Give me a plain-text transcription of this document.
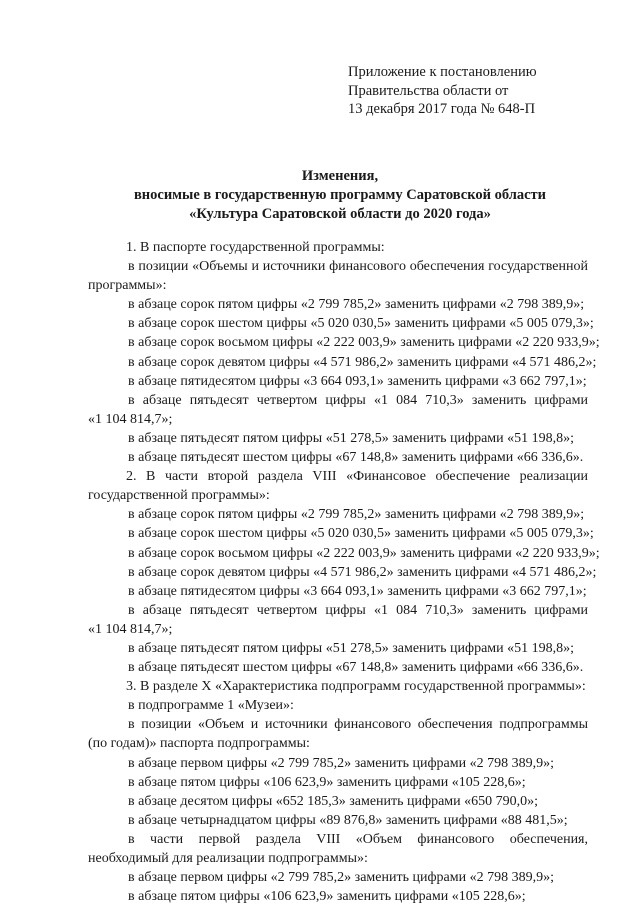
Приложение к постановлению
Правительства области от
13 декабря 2017 года № 648-П
Изменения,
вносимые в государственную программу Саратовской области
«Культура Саратовской области до 2020 года»
1. В паспорте государственной программы:
в позиции «Объемы и источники финансового обеспечения государственной
программы»:
в абзаце сорок пятом цифры «2 799 785,2» заменить цифрами «2 798 389,9»;
в абзаце сорок шестом цифры «5 020 030,5» заменить цифрами «5 005 079,3»;
в абзаце сорок восьмом цифры «2 222 003,9» заменить цифрами «2 220 933,9»;
в абзаце сорок девятом цифры «4 571 986,2» заменить цифрами «4 571 486,2»;
в абзаце пятидесятом цифры «3 664 093,1» заменить цифрами «3 662 797,1»;
в абзаце пятьдесят четвертом цифры «1 084 710,3» заменить цифрами
«1 104 814,7»;
в абзаце пятьдесят пятом цифры «51 278,5» заменить цифрами «51 198,8»;
в абзаце пятьдесят шестом цифры «67 148,8» заменить цифрами «66 336,6».
2. В части второй раздела VIII «Финансовое обеспечение реализации
государственной программы»:
в абзаце сорок пятом цифры «2 799 785,2» заменить цифрами «2 798 389,9»;
в абзаце сорок шестом цифры «5 020 030,5» заменить цифрами «5 005 079,3»;
в абзаце сорок восьмом цифры «2 222 003,9» заменить цифрами «2 220 933,9»;
в абзаце сорок девятом цифры «4 571 986,2» заменить цифрами «4 571 486,2»;
в абзаце пятидесятом цифры «3 664 093,1» заменить цифрами «3 662 797,1»;
в абзаце пятьдесят четвертом цифры «1 084 710,3» заменить цифрами
«1 104 814,7»;
в абзаце пятьдесят пятом цифры «51 278,5» заменить цифрами «51 198,8»;
в абзаце пятьдесят шестом цифры «67 148,8» заменить цифрами «66 336,6».
3. В разделе X «Характеристика подпрограмм государственной программы»:
в подпрограмме 1 «Музеи»:
в позиции «Объем и источники финансового обеспечения подпрограммы
(по годам)» паспорта подпрограммы:
в абзаце первом цифры «2 799 785,2» заменить цифрами «2 798 389,9»;
в абзаце пятом цифры «106 623,9» заменить цифрами «105 228,6»;
в абзаце десятом цифры «652 185,3» заменить цифрами «650 790,0»;
в абзаце четырнадцатом цифры «89 876,8» заменить цифрами «88 481,5»;
в части первой раздела VIII «Объем финансового обеспечения,
необходимый для реализации подпрограммы»:
в абзаце первом цифры «2 799 785,2» заменить цифрами «2 798 389,9»;
в абзаце пятом цифры «106 623,9» заменить цифрами «105 228,6»;
